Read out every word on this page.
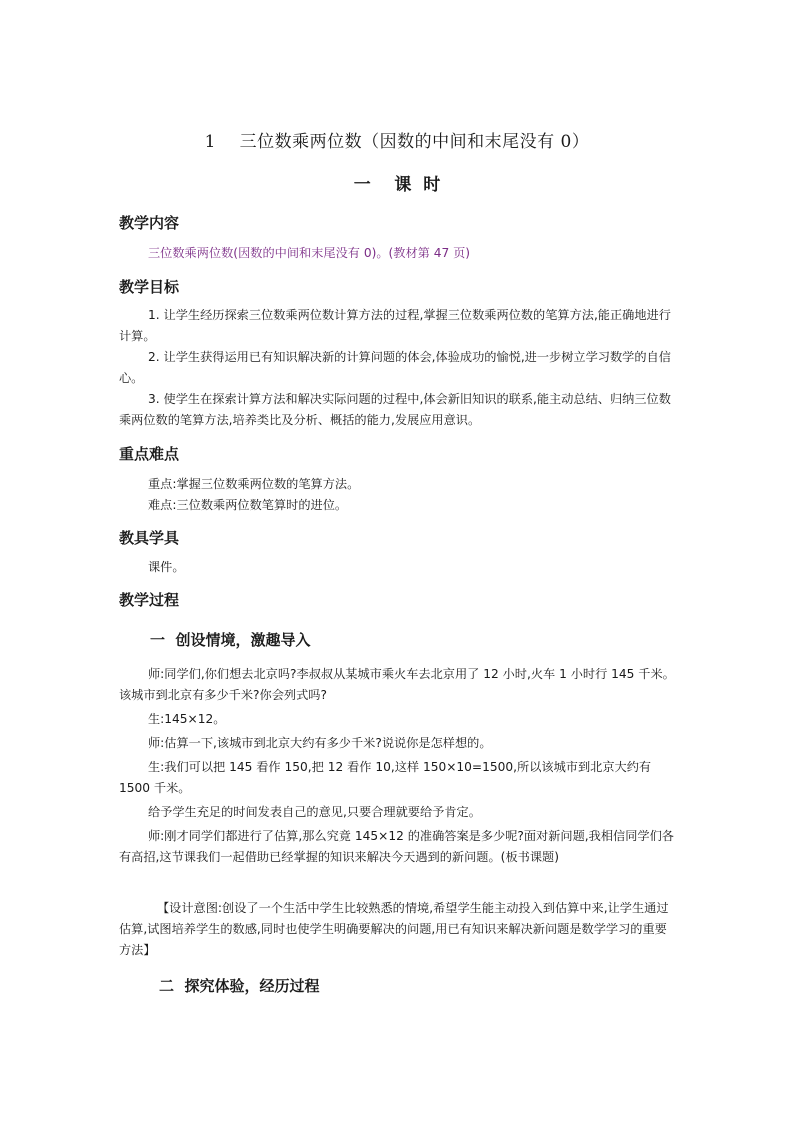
1    三位数乘两位数（因数的中间和末尾没有 0）
一    课  时
教学内容

三位数乘两位数(因数的中间和末尾没有 0)。(教材第 47 页)

教学目标

1. 让学生经历探索三位数乘两位数计算方法的过程,掌握三位数乘两位数的笔算方法,能正确地进行计算。

2. 让学生获得运用已有知识解决新的计算问题的体会,体验成功的愉悦,进一步树立学习数学的自信心。

3. 使学生在探索计算方法和解决实际问题的过程中,体会新旧知识的联系,能主动总结、归纳三位数乘两位数的笔算方法,培养类比及分析、概括的能力,发展应用意识。

重点难点

重点:掌握三位数乘两位数的笔算方法。

难点:三位数乘两位数笔算时的进位。

教具学具

课件。

教学过程
一  创设情境，激趣导入

师:同学们,你们想去北京吗?李叔叔从某城市乘火车去北京用了 12 小时,火车 1 小时行 145 千米。该城市到北京有多少千米?你会列式吗?

生:145×12。

师:估算一下,该城市到北京大约有多少千米?说说你是怎样想的。

生:我们可以把 145 看作 150,把 12 看作 10,这样 150×10=1500,所以该城市到北京大约有 1500 千米。

给予学生充足的时间发表自己的意见,只要合理就要给予肯定。

师:刚才同学们都进行了估算,那么究竟 145×12 的准确答案是多少呢?面对新问题,我相信同学们各有高招,这节课我们一起借助已经掌握的知识来解决今天遇到的新问题。(板书课题)

【设计意图:创设了一个生活中学生比较熟悉的情境,希望学生能主动投入到估算中来,让学生通过估算,试图培养学生的数感,同时也使学生明确要解决的问题,用已有知识来解决新问题是数学学习的重要方法】

二  探究体验，经历过程
